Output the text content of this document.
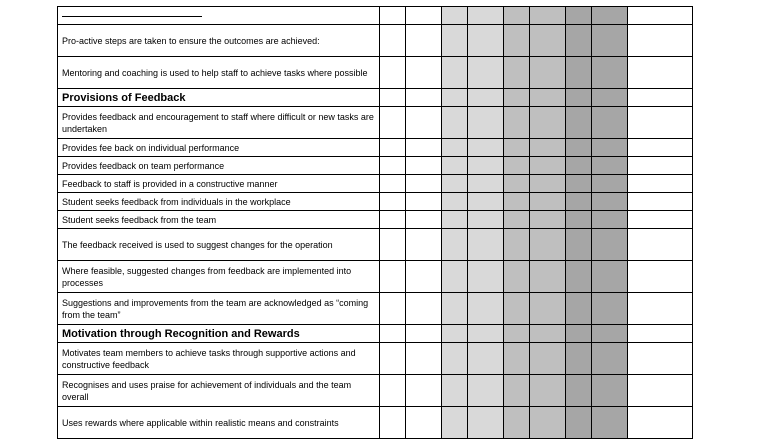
Pro-active steps are taken to ensure the outcomes are achieved:									
Mentoring and coaching is used to help staff to achieve tasks where possible									
Provisions of Feedback									
Provides feedback and encouragement to staff where difficult or new tasks are undertaken									
Provides fee back on individual performance									
Provides feedback on team performance									
Feedback to staff is provided in a constructive manner									
Student seeks feedback from individuals in the workplace									
Student seeks feedback from the team									
The feedback received is used to suggest changes for the operation									
Where feasible, suggested changes from feedback are implemented into processes									
Suggestions and improvements from the team are acknowledged as “coming from the team”									
Motivation through Recognition and Rewards									
Motivates team members to achieve tasks through supportive actions and constructive feedback									
Recognises and uses praise for achievement of individuals and the team overall									
Uses rewards where applicable within realistic means and constraints									
